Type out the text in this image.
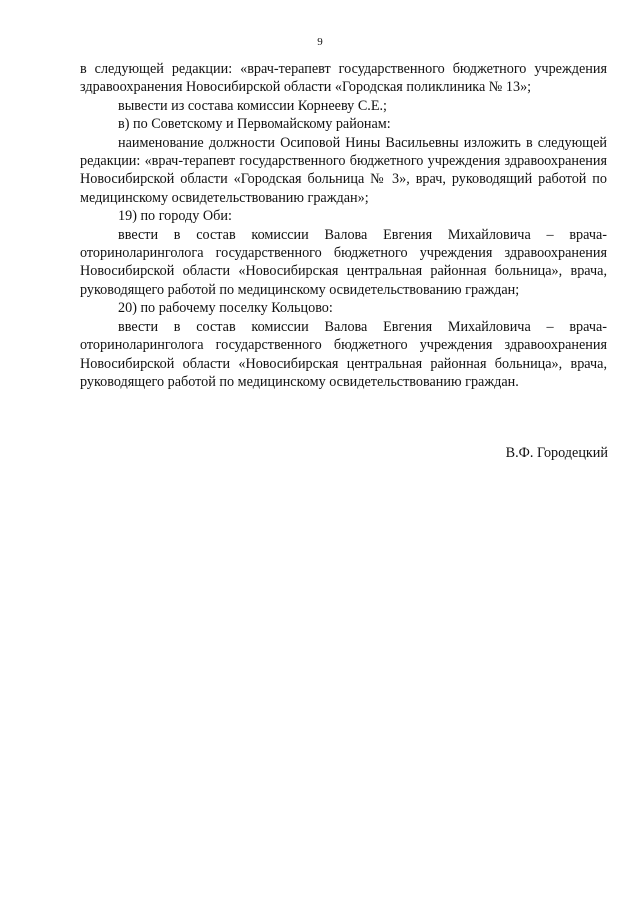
9

в следующей редакции: «врач-терапевт государственного бюджетного учреждения здравоохранения Новосибирской области «Городская поликлиника № 13»;

вывести из состава комиссии Корнееву С.Е.;

в) по Советскому и Первомайскому районам:

наименование должности Осиповой Нины Васильевны изложить в следующей редакции: «врач-терапевт государственного бюджетного учреждения здравоохранения Новосибирской области «Городская больница № 3», врач, руководящий работой по медицинскому освидетельствованию граждан»;

19) по городу Оби:

ввести в состав комиссии Валова Евгения Михайловича – врача-оториноларинголога государственного бюджетного учреждения здравоохранения Новосибирской области «Новосибирская центральная районная больница», врача, руководящего работой по медицинскому освидетельствованию граждан;

20) по рабочему поселку Кольцово:

ввести в состав комиссии Валова Евгения Михайловича – врача-оториноларинголога государственного бюджетного учреждения здравоохранения Новосибирской области «Новосибирская центральная районная больница», врача, руководящего работой по медицинскому освидетельствованию граждан.

В.Ф. Городецкий
